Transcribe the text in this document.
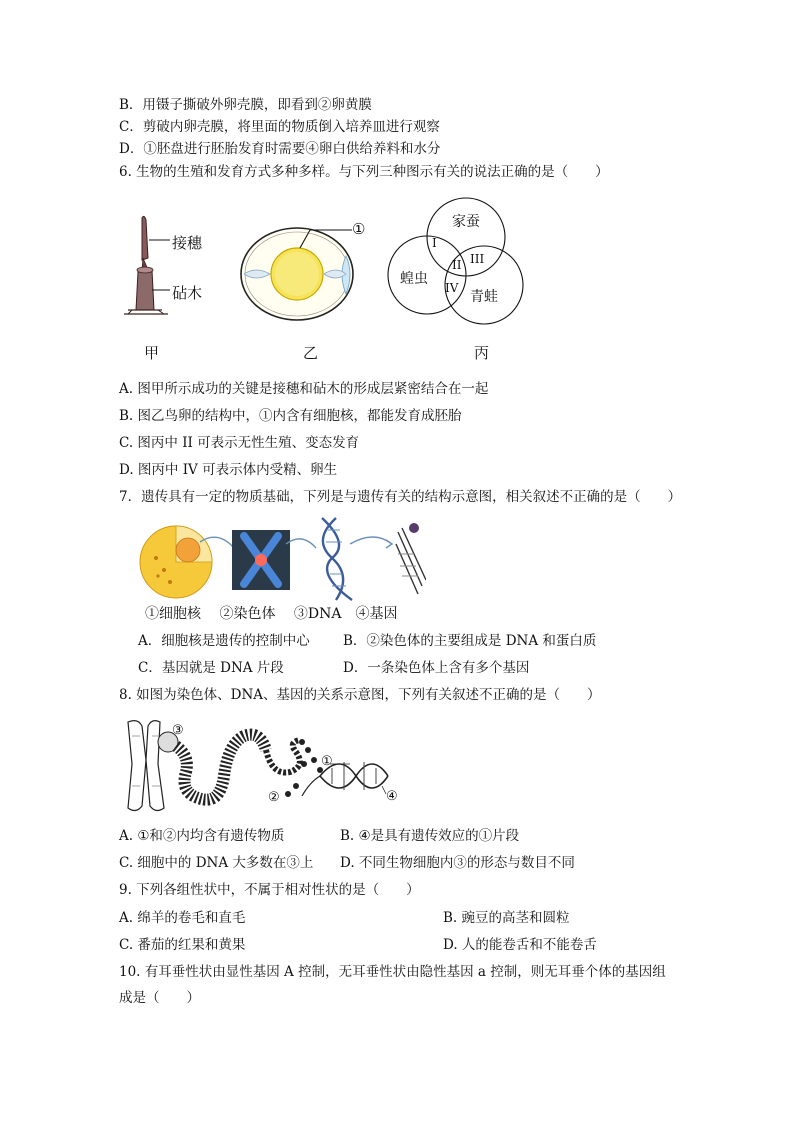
B．用镊子撕破外卵壳膜，即看到②卵黄膜
C．剪破内卵壳膜，将里面的物质倒入培养皿进行观察
D．①胚盘进行胚胎发育时需要④卵白供给养料和水分
6. 生物的生殖和发育方式多种多样。与下列三种图示有关的说法正确的是（　　）
接穗
砧木
甲
①
乙
家蚕
蝗虫
青蛙
I
II III
IV
丙
A. 图甲所示成功的关键是接穗和砧木的形成层紧密结合在一起
B. 图乙鸟卵的结构中，①内含有细胞核，都能发育成胚胎
C. 图丙中 II 可表示无性生殖、变态发育
D. 图丙中 IV 可表示体内受精、卵生
7．遗传具有一定的物质基础，下列是与遗传有关的结构示意图，相关叙述不正确的是（　　）
①细胞核　 ②染色体　 ③DNA　④基因
A．细胞核是遗传的控制中心 B．②染色体的主要组成是 DNA 和蛋白质
C．基因就是 DNA 片段	D．一条染色体上含有多个基因
8. 如图为染色体、DNA、基因的关系示意图，下列有关叙述不正确的是（　　）
③
①
②	④
A. ①和②内均含有遗传物质	B. ④是具有遗传效应的①片段
C. 细胞中的 DNA 大多数在③上 D. 不同生物细胞内③的形态与数目不同
9. 下列各组性状中，不属于相对性状的是（　　）
A. 绵羊的卷毛和直毛	B. 豌豆的高茎和圆粒
C. 番茄的红果和黄果	D. 人的能卷舌和不能卷舌
10. 有耳垂性状由显性基因 A 控制，无耳垂性状由隐性基因 a 控制，则无耳垂个体的基因组
成是（　　）
